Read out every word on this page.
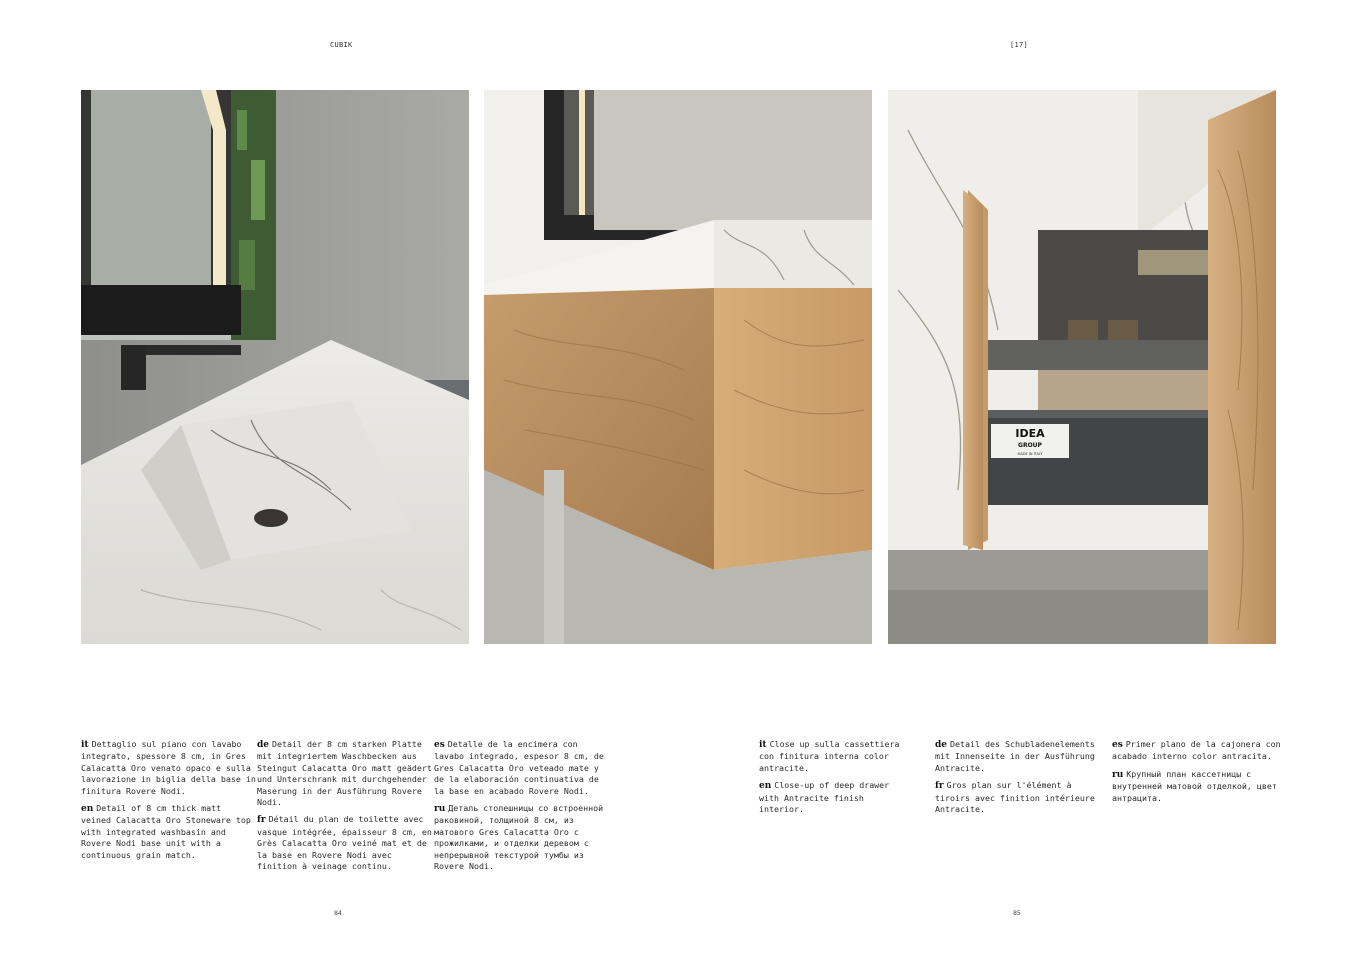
CUBIK	[17]
IDEA
GROUP
MADE IN ITALY

it Dettaglio sul piano con lavabo integrato, spessore 8 cm, in Gres Calacatta Oro venato opaco e sulla lavorazione in biglia della base in finitura Rovere Nodi.

en Detail of 8 cm thick matt veined Calacatta Oro Stoneware top with integrated washbasin and Rovere Nodi base unit with a continuous grain match.

de Detail der 8 cm starken Platte mit integriertem Waschbecken aus Steingut Calacatta Oro matt geädert und Unterschrank mit durchgehender Maserung in der Ausführung Rovere Nodi.

fr Détail du plan de toilette avec vasque intégrée, épaisseur 8 cm, en Grès Calacatta Oro veiné mat et de la base en Rovere Nodi avec finition à veinage continu.

es Detalle de la encimera con lavabo integrado, espesor 8 cm, de Gres Calacatta Oro veteado mate y de la elaboración continuativa de la base en acabado Rovere Nodi.

ru Деталь столешницы со встроенной раковиной, толщиной 8 см, из матового Gres Calacatta Oro с прожилками, и отделки деревом с непрерывной текстурой тумбы из Rovere Nodi.

it Close up sulla cassettiera con finitura interna color antracite.

en Close-up of deep drawer with Antracite finish interior.

de Detail des Schubladenelements mit Innenseite in der Ausführung Antracite.

fr Gros plan sur l'élément à tiroirs avec finition intérieure Antracite.

es Primer plano de la cajonera con acabado interno color antracita.

ru Крупный план кассетницы с внутренней матовой отделкой, цвет антрацита.

84	85
